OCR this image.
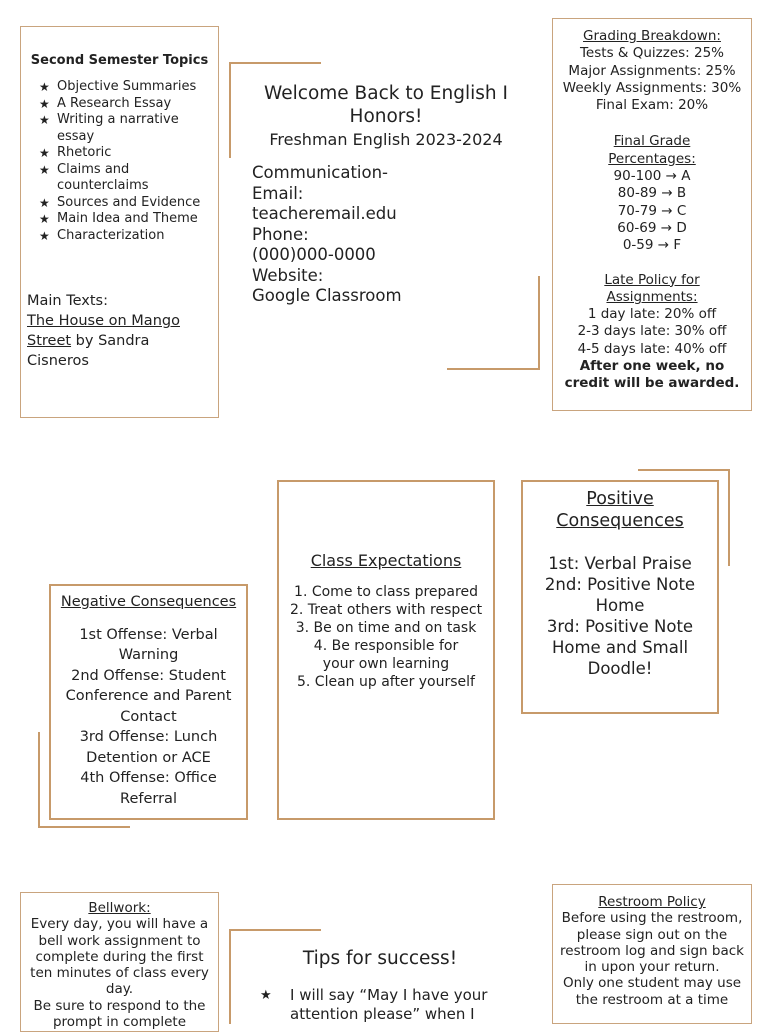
Second Semester Topics
★ Objective Summaries
★ A Research Essay
★ Writing a narrative essay
★ Rhetoric
★ Claims and counterclaims
★ Sources and Evidence
★ Main Idea and Theme
★ Characterization
Main Texts:
The House on Mango Street by Sandra Cisneros
Welcome Back to English I Honors!
Freshman English 2023-2024
Communication-
Email:
teacheremail.edu
Phone:
(000)000-0000
Website:
Google Classroom
Grading Breakdown:
Tests & Quizzes: 25%
Major Assignments: 25%
Weekly Assignments: 30%
Final Exam: 20%
Final Grade Percentages:
90-100 → A
80-89 → B
70-79 → C
60-69 → D
0-59 → F
Late Policy for Assignments:
1 day late: 20% off
2-3 days late: 30% off
4-5 days late: 40% off
After one week, no credit will be awarded.
Negative Consequences
1st Offense: Verbal Warning
2nd Offense: Student Conference and Parent Contact
3rd Offense: Lunch Detention or ACE
4th Offense: Office Referral
Class Expectations
1. Come to class prepared
2. Treat others with respect
3. Be on time and on task
4. Be responsible for your own learning
5. Clean up after yourself
Positive Consequences
1st: Verbal Praise
2nd: Positive Note Home
3rd: Positive Note Home and Small Doodle!
Bellwork:
Every day, you will have a bell work assignment to complete during the first ten minutes of class every day.
Be sure to respond to the prompt in complete
Tips for success!
★ I will say “May I have your attention please” when I
Restroom Policy
Before using the restroom, please sign out on the restroom log and sign back in upon your return.
Only one student may use the restroom at a time
